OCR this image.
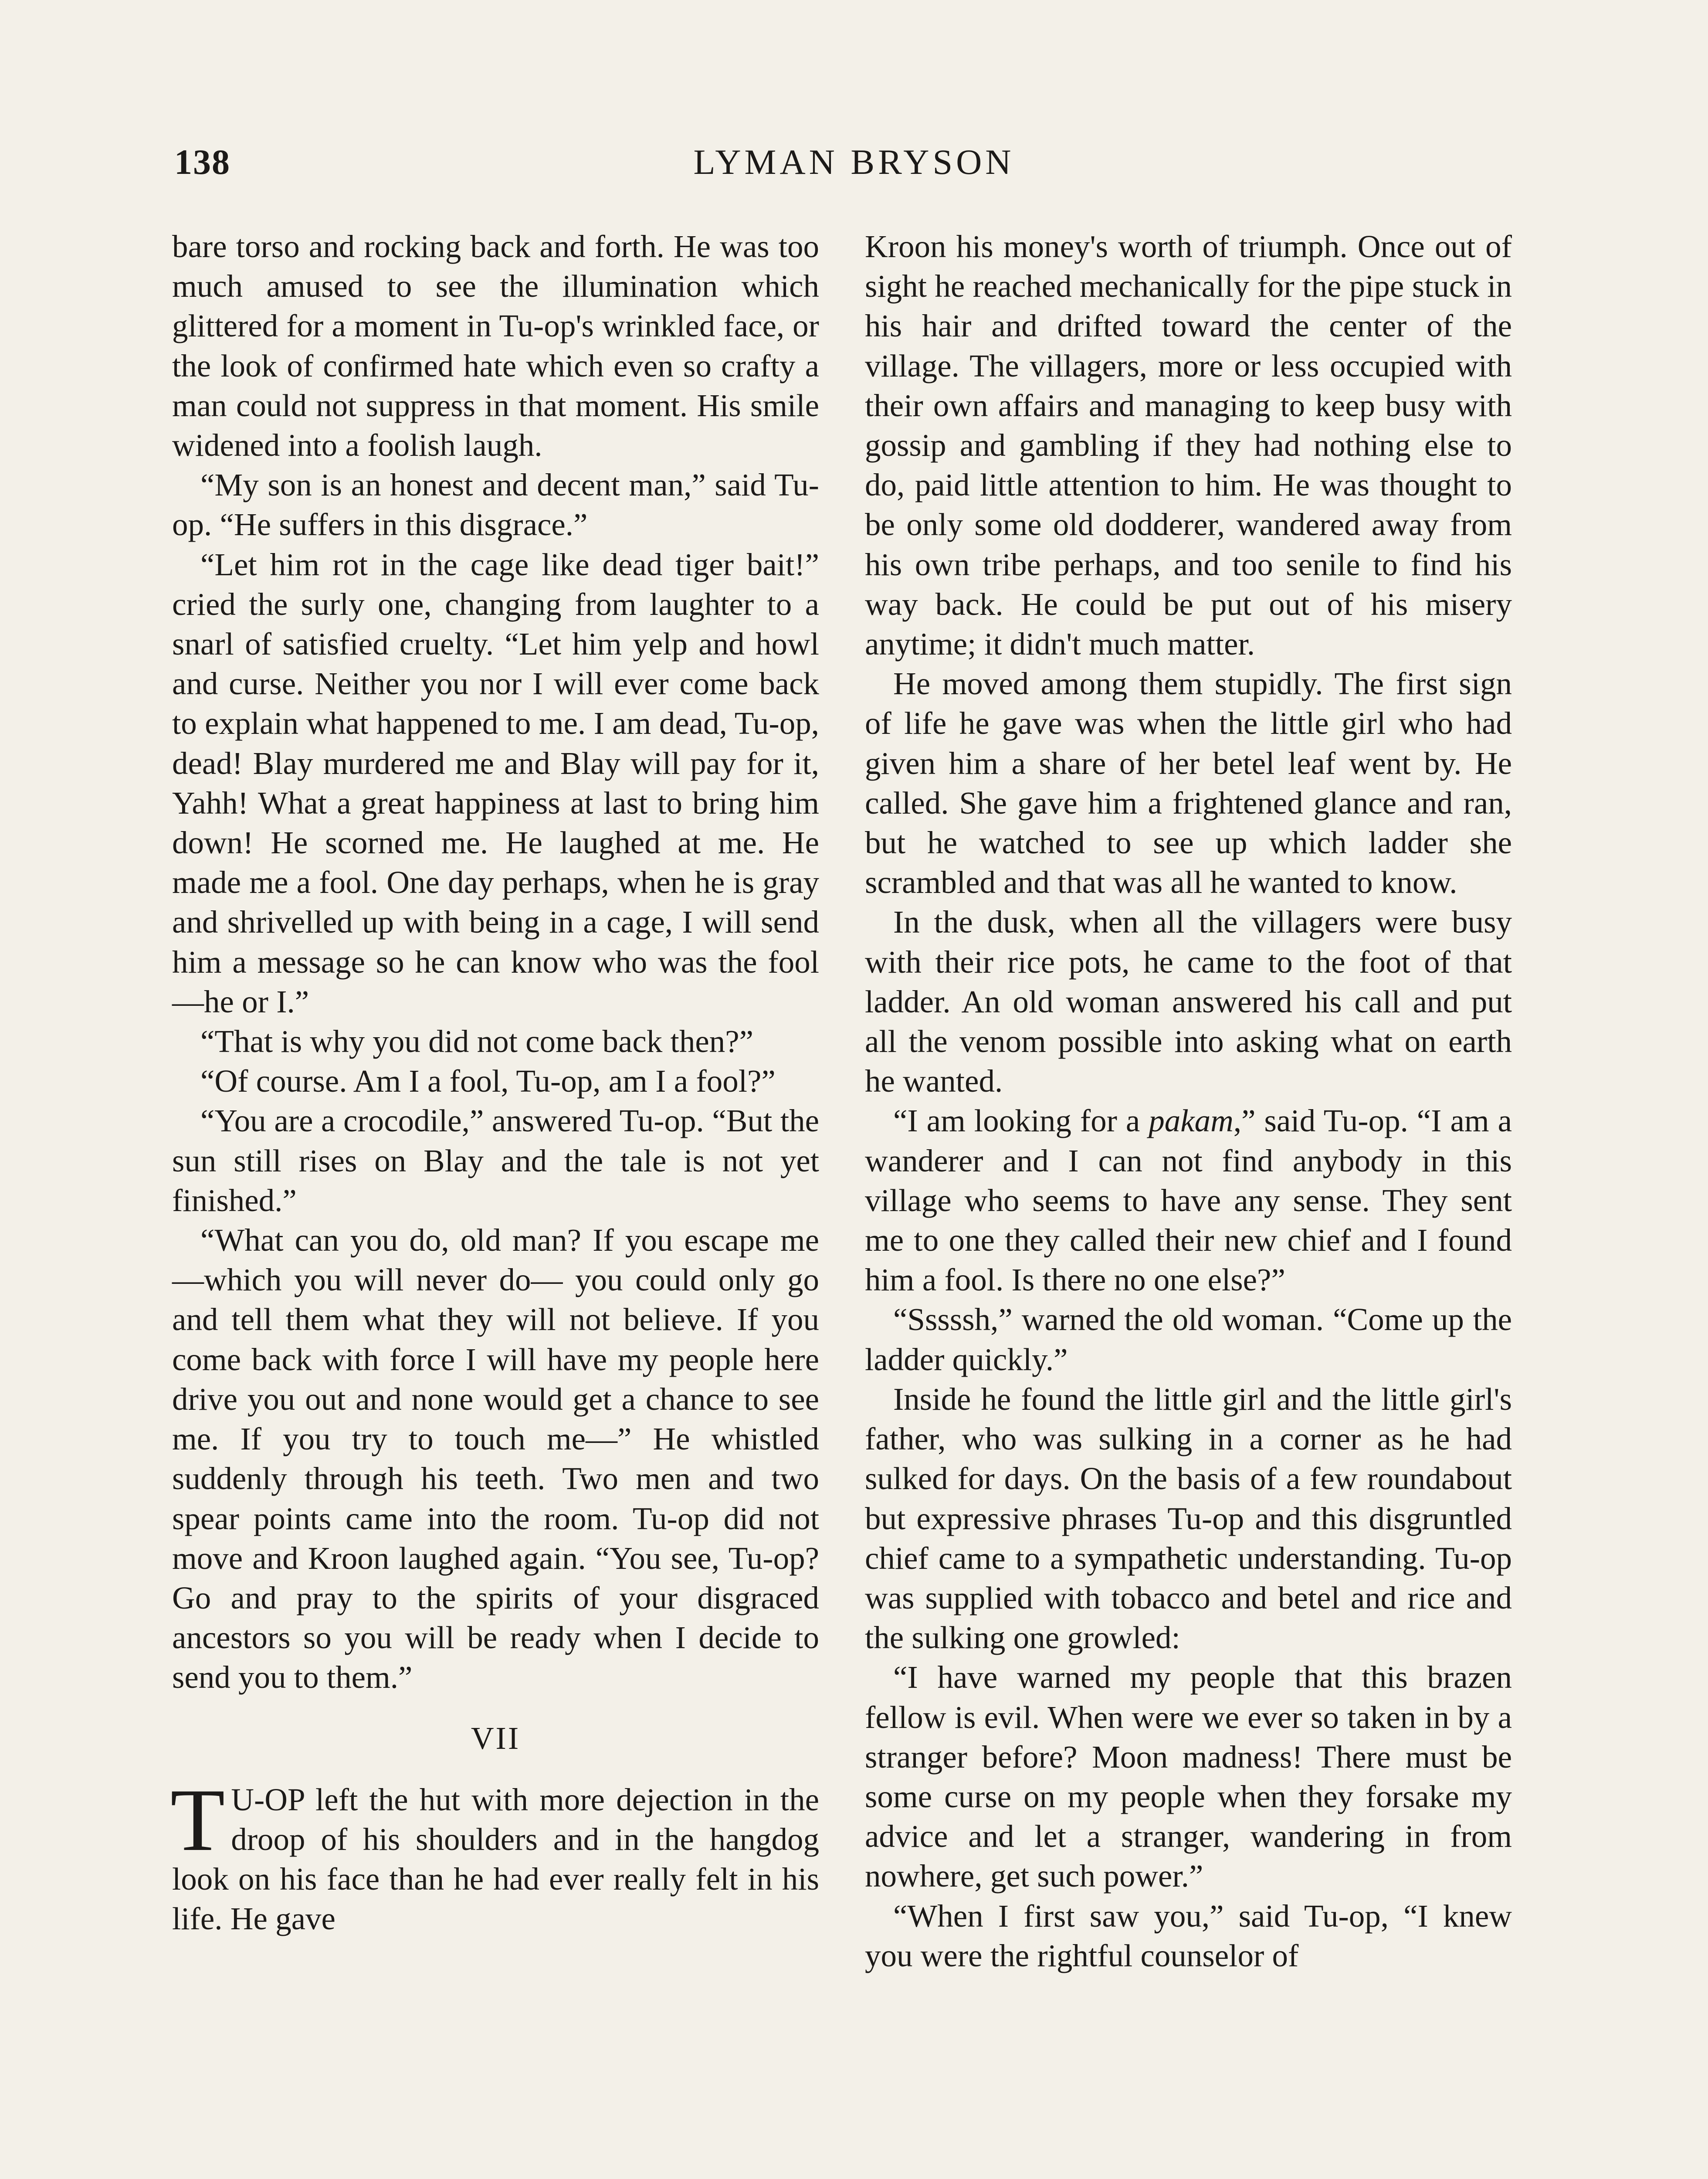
138	LYMAN BRYSON

bare torso and rocking back and forth. He was too much amused to see the illumination which glittered for a moment in Tu-op's wrinkled face, or the look of confirmed hate which even so crafty a man could not suppress in that moment. His smile widened into a foolish laugh.

“My son is an honest and decent man,” said Tu-op. “He suffers in this disgrace.”

“Let him rot in the cage like dead tiger bait!” cried the surly one, changing from laughter to a snarl of satisfied cruelty. “Let him yelp and howl and curse. Neither you nor I will ever come back to explain what happened to me. I am dead, Tu-op, dead! Blay murdered me and Blay will pay for it, Yahh! What a great happiness at last to bring him down! He scorned me. He laughed at me. He made me a fool. One day perhaps, when he is gray and shrivelled up with being in a cage, I will send him a message so he can know who was the fool —he or I.”

“That is why you did not come back then?”

“Of course. Am I a fool, Tu-op, am I a fool?”

“You are a crocodile,” answered Tu-op. “But the sun still rises on Blay and the tale is not yet finished.”

“What can you do, old man? If you escape me—which you will never do— you could only go and tell them what they will not believe. If you come back with force I will have my people here drive you out and none would get a chance to see me. If you try to touch me—” He whistled suddenly through his teeth. Two men and two spear points came into the room. Tu-op did not move and Kroon laughed again. “You see, Tu-op? Go and pray to the spirits of your disgraced ancestors so you will be ready when I decide to send you to them.”

VII

T U-OP left the hut with more dejection in the droop of his shoulders and in the hangdog look on his face than he had ever really felt in his life. He gave

Kroon his money's worth of triumph. Once out of sight he reached mechanically for the pipe stuck in his hair and drifted toward the center of the village. The villagers, more or less occupied with their own affairs and managing to keep busy with gossip and gambling if they had nothing else to do, paid little attention to him. He was thought to be only some old dodderer, wandered away from his own tribe perhaps, and too senile to find his way back. He could be put out of his misery anytime; it didn't much matter.

He moved among them stupidly. The first sign of life he gave was when the little girl who had given him a share of her betel leaf went by. He called. She gave him a frightened glance and ran, but he watched to see up which ladder she scrambled and that was all he wanted to know.

In the dusk, when all the villagers were busy with their rice pots, he came to the foot of that ladder. An old woman answered his call and put all the venom possible into asking what on earth he wanted.

“I am looking for a pakam,” said Tu-op. “I am a wanderer and I can not find anybody in this village who seems to have any sense. They sent me to one they called their new chief and I found him a fool. Is there no one else?”

“Sssssh,” warned the old woman. “Come up the ladder quickly.”

Inside he found the little girl and the little girl's father, who was sulking in a corner as he had sulked for days. On the basis of a few roundabout but expressive phrases Tu-op and this disgruntled chief came to a sympathetic understanding. Tu-op was supplied with tobacco and betel and rice and the sulking one growled:

“I have warned my people that this brazen fellow is evil. When were we ever so taken in by a stranger before? Moon madness! There must be some curse on my people when they forsake my advice and let a stranger, wandering in from nowhere, get such power.”

“When I first saw you,” said Tu-op, “I knew you were the rightful counselor of
